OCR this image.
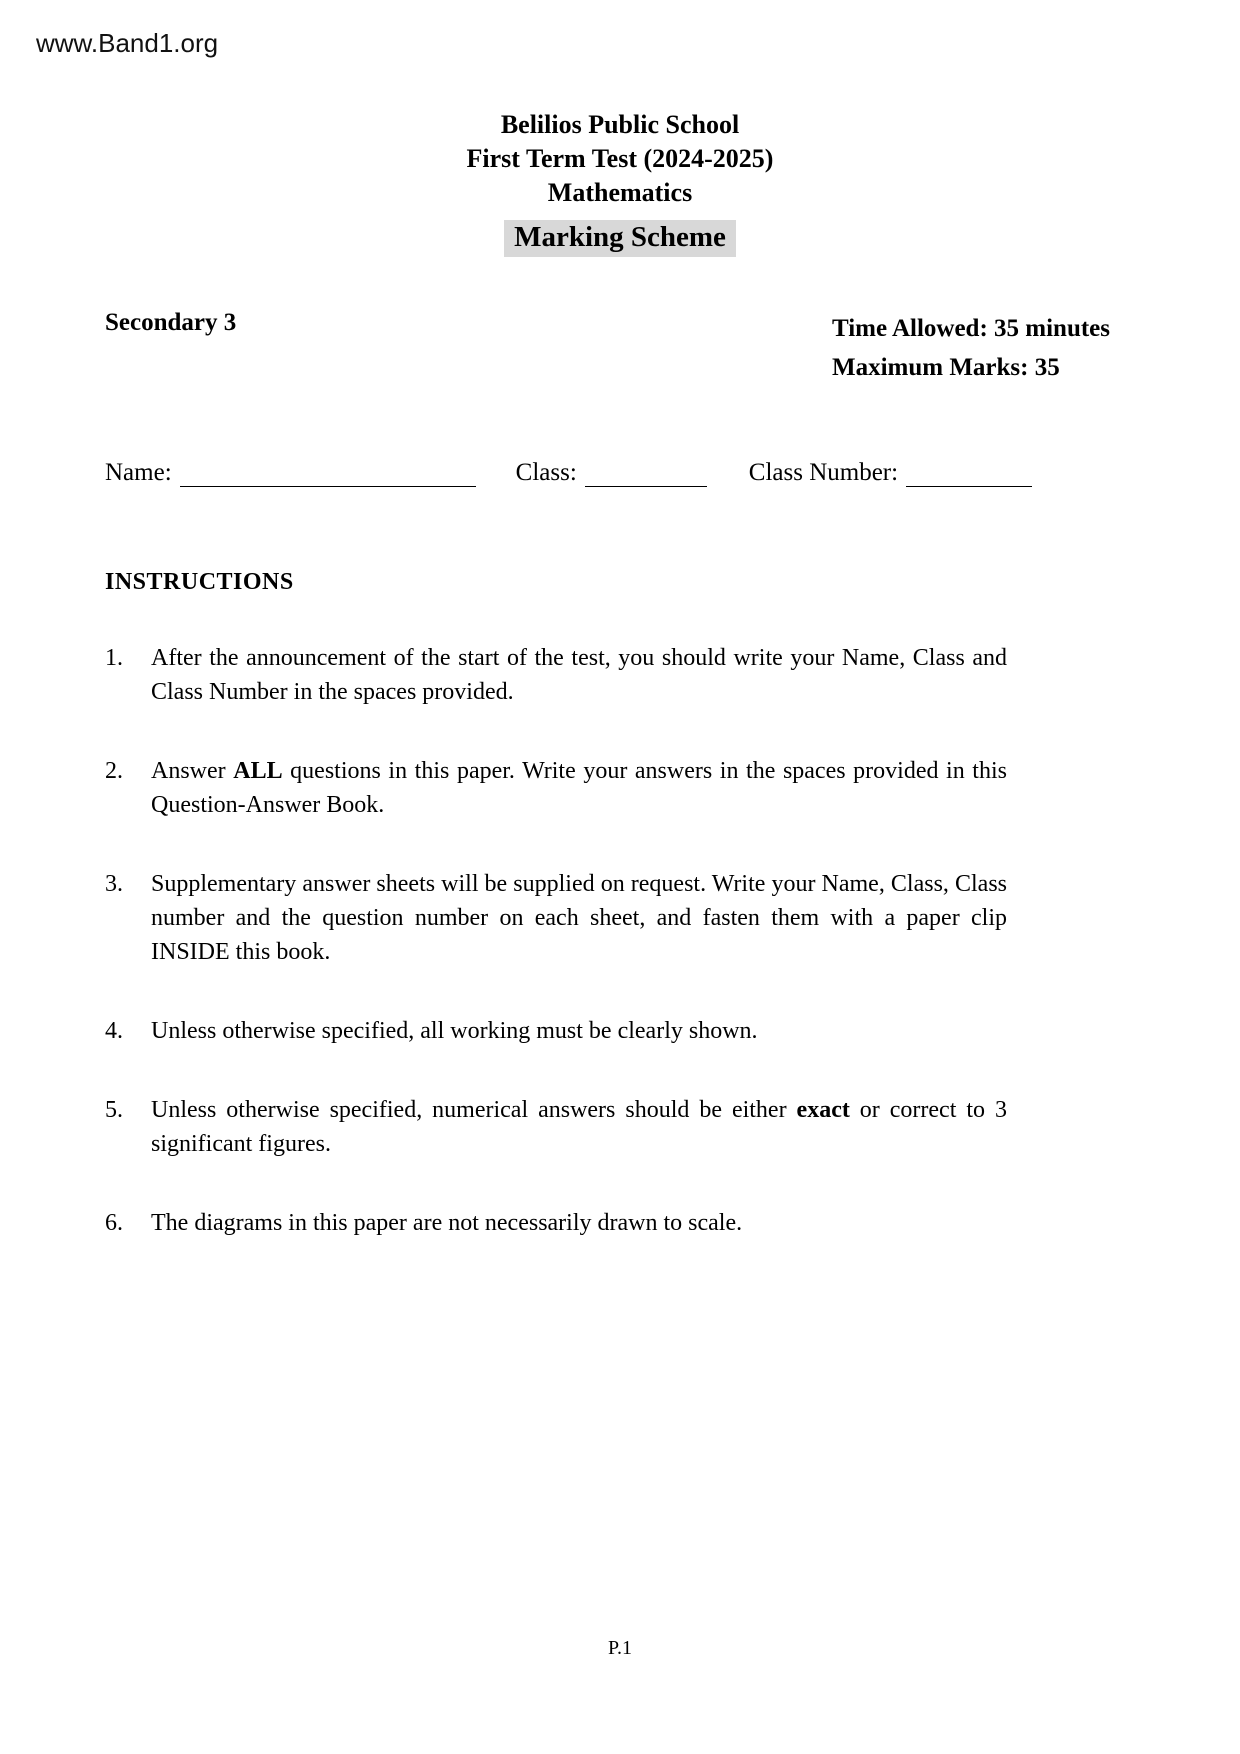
www.Band1.org
Belilios Public School
First Term Test (2024-2025)
Mathematics
Marking Scheme
Secondary 3	Time Allowed: 35 minutes
Maximum Marks: 35
Name:	Class:	Class Number:
INSTRUCTIONS
1.	After the announcement of the start of the test, you should write your Name, Class and Class Number in the spaces provided.
2.	Answer ALL questions in this paper. Write your answers in the spaces provided in this Question-Answer Book.
3.	Supplementary answer sheets will be supplied on request. Write your Name, Class, Class number and the question number on each sheet, and fasten them with a paper clip INSIDE this book.
4.	Unless otherwise specified, all working must be clearly shown.
5.	Unless otherwise specified, numerical answers should be either exact or correct to 3 significant figures.
6.	The diagrams in this paper are not necessarily drawn to scale.
P.1
